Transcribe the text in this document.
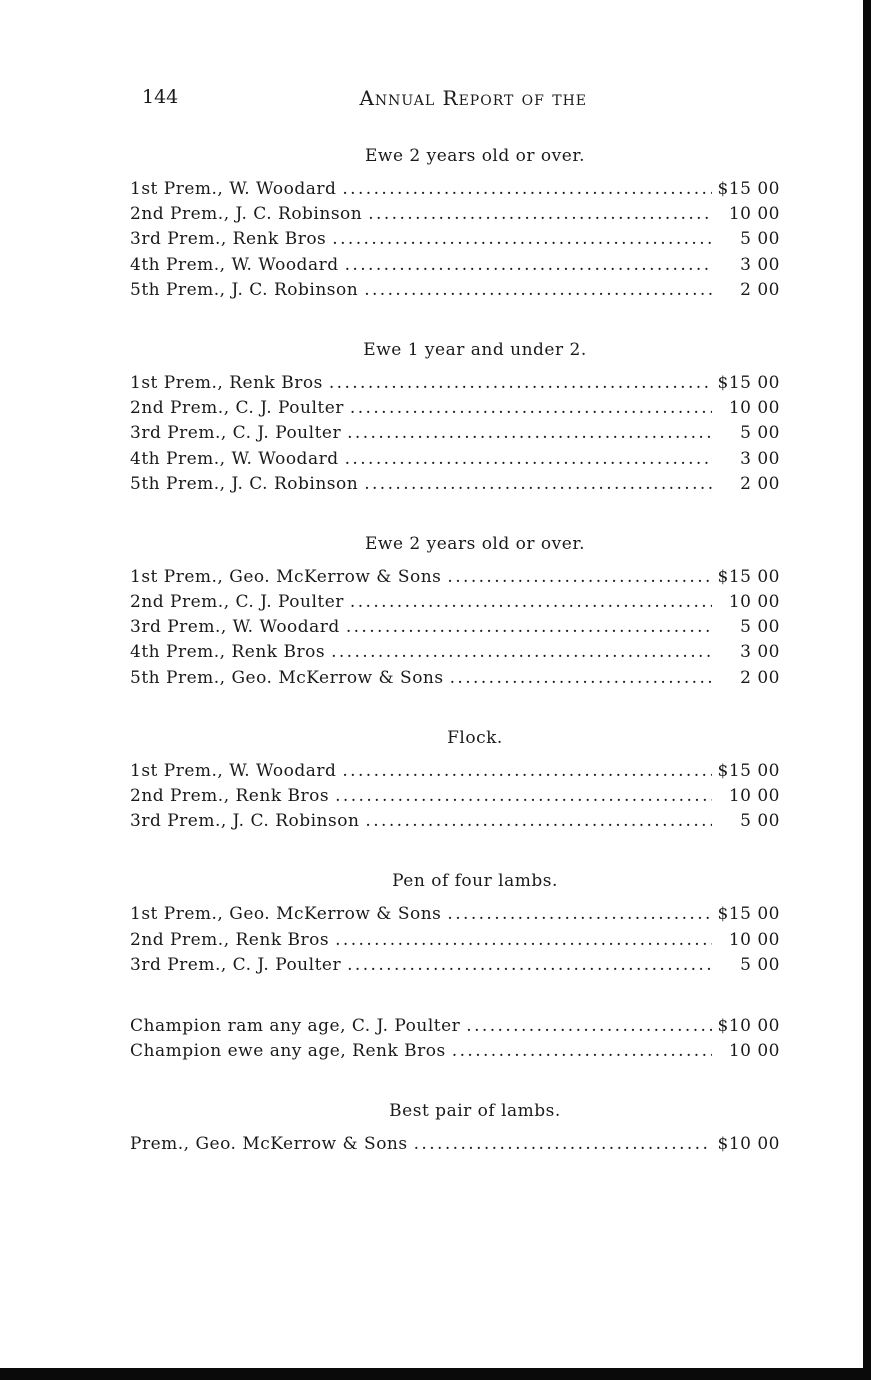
144	Annual Report of the
Ewe 2 years old or over.
1st Prem., W. Woodard . . .	$15 00
2nd Prem., J. C. Robinson . . .	10 00
3rd Prem., Renk Bros . . .	5 00
4th Prem., W. Woodard . . .	3 00
5th Prem., J. C. Robinson . . .	2 00
Ewe 1 year and under 2.
1st Prem., Renk Bros . . .	$15 00
2nd Prem., C. J. Poulter . . .	10 00
3rd Prem., C. J. Poulter . . .	5 00
4th Prem., W. Woodard . . .	3 00
5th Prem., J. C. Robinson . . .	2 00
Ewe 2 years old or over.
1st Prem., Geo. McKerrow & Sons . . .	$15 00
2nd Prem., C. J. Poulter . . .	10 00
3rd Prem., W. Woodard . . .	5 00
4th Prem., Renk Bros . . .	3 00
5th Prem., Geo. McKerrow & Sons . . .	2 00
Flock.
1st Prem., W. Woodard . . .	$15 00
2nd Prem., Renk Bros . . .	10 00
3rd Prem., J. C. Robinson . . .	5 00
Pen of four lambs.
1st Prem., Geo. McKerrow & Sons . . .	$15 00
2nd Prem., Renk Bros . . .	10 00
3rd Prem., C. J. Poulter . . .	5 00
Champion ram any age, C. J. Poulter . . .	$10 00
Champion ewe any age, Renk Bros . . .	10 00
Best pair of lambs.
Prem., Geo. McKerrow & Sons . . .	$10 00
